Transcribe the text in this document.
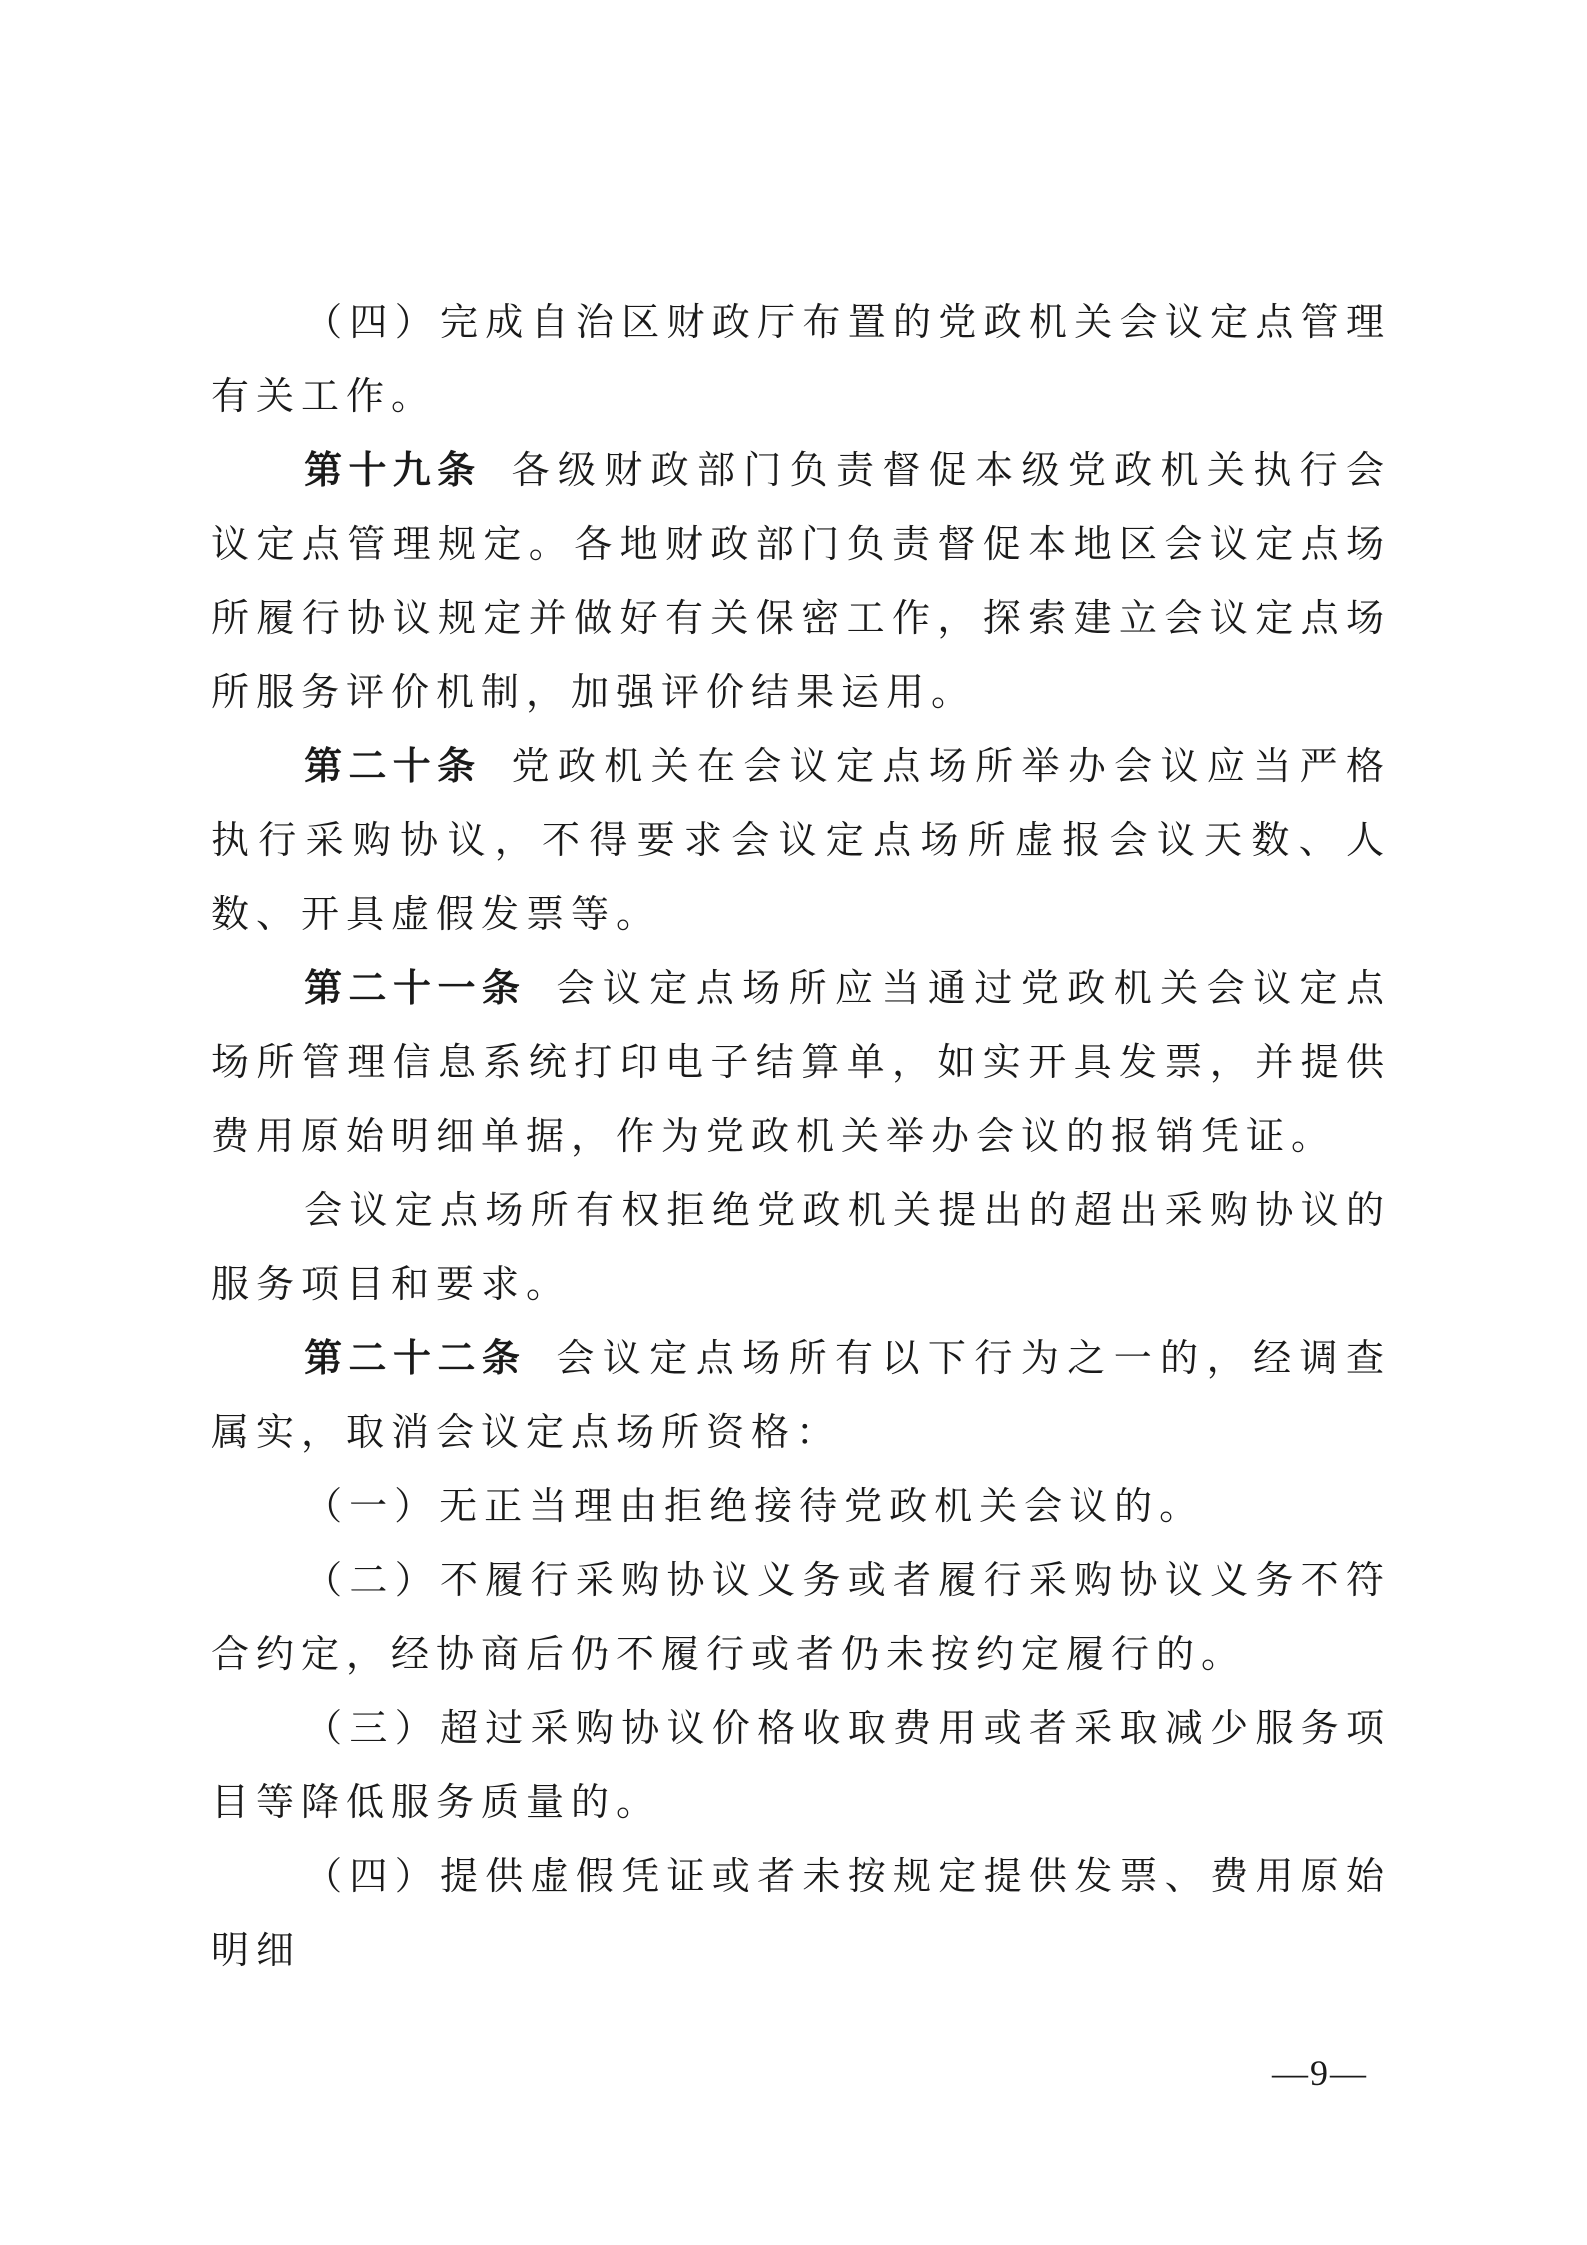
（四）完成自治区财政厅布置的党政机关会议定点管理有关工作。

第十九条 各级财政部门负责督促本级党政机关执行会议定点管理规定。各地财政部门负责督促本地区会议定点场所履行协议规定并做好有关保密工作，探索建立会议定点场所服务评价机制，加强评价结果运用。

第二十条 党政机关在会议定点场所举办会议应当严格执行采购协议，不得要求会议定点场所虚报会议天数、人数、开具虚假发票等。

第二十一条 会议定点场所应当通过党政机关会议定点场所管理信息系统打印电子结算单，如实开具发票，并提供费用原始明细单据，作为党政机关举办会议的报销凭证。

会议定点场所有权拒绝党政机关提出的超出采购协议的服务项目和要求。

第二十二条 会议定点场所有以下行为之一的，经调查属实，取消会议定点场所资格：

（一）无正当理由拒绝接待党政机关会议的。

（二）不履行采购协议义务或者履行采购协议义务不符合约定，经协商后仍不履行或者仍未按约定履行的。

（三）超过采购协议价格收取费用或者采取减少服务项目等降低服务质量的。

（四）提供虚假凭证或者未按规定提供发票、费用原始明细

—9—
